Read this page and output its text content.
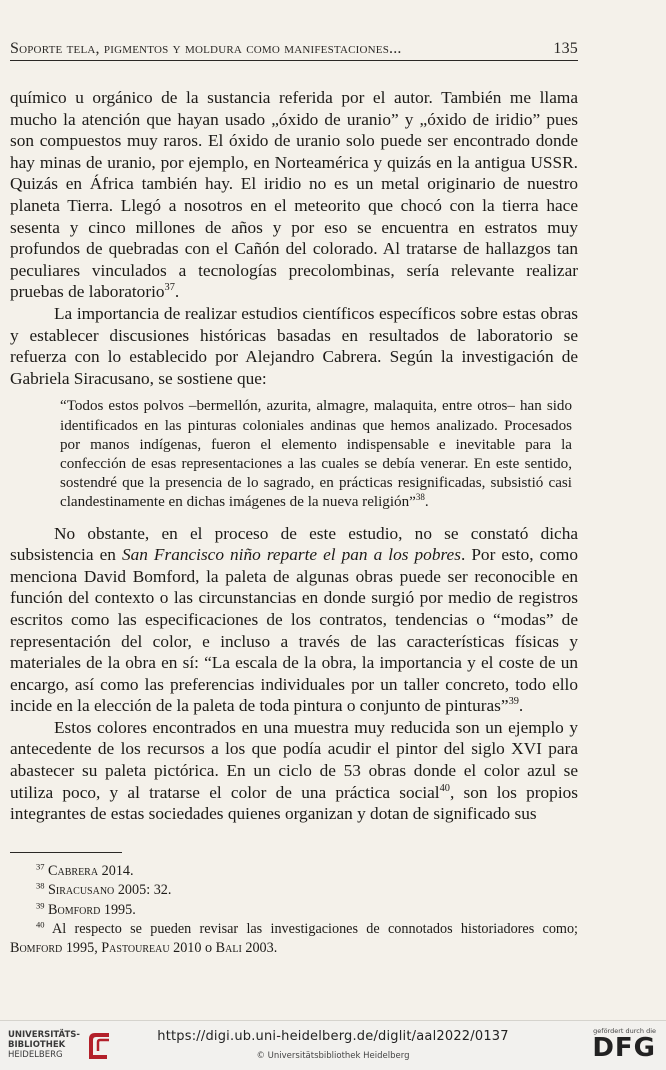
Soporte tela, pigmentos y moldura como manifestaciones...	135

químico u orgánico de la sustancia referida por el autor. También me llama mucho la atención que hayan usado „óxido de uranio” y „óxido de iridio” pues son compuestos muy raros. El óxido de uranio solo puede ser encontrado donde hay minas de uranio, por ejemplo, en Norteamérica y quizás en la antigua USSR. Quizás en África también hay. El iridio no es un metal originario de nuestro planeta Tierra. Llegó a nosotros en el meteorito que chocó con la tierra hace sesenta y cinco millones de años y por eso se encuentra en estratos muy profundos de quebradas con el Cañón del colorado. Al tratarse de hallazgos tan peculiares vinculados a tecnologías precolombinas, sería relevante realizar pruebas de laboratorio$^{37}$.

La importancia de realizar estudios científicos específicos sobre estas obras y establecer discusiones históricas basadas en resultados de laboratorio se refuerza con lo establecido por Alejandro Cabrera. Según la investigación de Gabriela Siracusano, se sostiene que:

“Todos estos polvos –bermellón, azurita, almagre, malaquita, entre otros– han sido identificados en las pinturas coloniales andinas que hemos analizado. Procesados por manos indígenas, fueron el elemento indispensable e inevitable para la confección de esas representaciones a las cuales se debía venerar. En este sentido, sostendré que la presencia de lo sagrado, en prácticas resignificadas, subsistió casi clandestinamente en dichas imágenes de la nueva religión”$^{38}$.

No obstante, en el proceso de este estudio, no se constató dicha subsistencia en San Francisco niño reparte el pan a los pobres. Por esto, como menciona David Bomford, la paleta de algunas obras puede ser reconocible en función del contexto o las circunstancias en donde surgió por medio de registros escritos como las especificaciones de los contratos, tendencias o “modas” de representación del color, e incluso a través de las características físicas y materiales de la obra en sí: “La escala de la obra, la importancia y el coste de un encargo, así como las preferencias individuales por un taller concreto, todo ello incide en la elección de la paleta de toda pintura o conjunto de pinturas”$^{39}$.

Estos colores encontrados en una muestra muy reducida son un ejemplo y antecedente de los recursos a los que podía acudir el pintor del siglo XVI para abastecer su paleta pictórica. En un ciclo de 53 obras donde el color azul se utiliza poco, y al tratarse el color de una práctica social$^{40}$, son los propios integrantes de estas sociedades quienes organizan y dotan de significado sus

$^{37}$ Cabrera 2014.

$^{38}$ Siracusano 2005: 32.

$^{39}$ Bomford 1995.

$^{40}$ Al respecto se pueden revisar las investigaciones de connotados historiadores como; Bomford 1995, Pastoureau 2010 o Bali 2003.

UNIVERSITÄTS-
BIBLIOTHEK
HEIDELBERG
https://digi.ub.uni-heidelberg.de/diglit/aal2022/0137
© Universitätsbibliothek Heidelberg
gefördert durch die
DFG
